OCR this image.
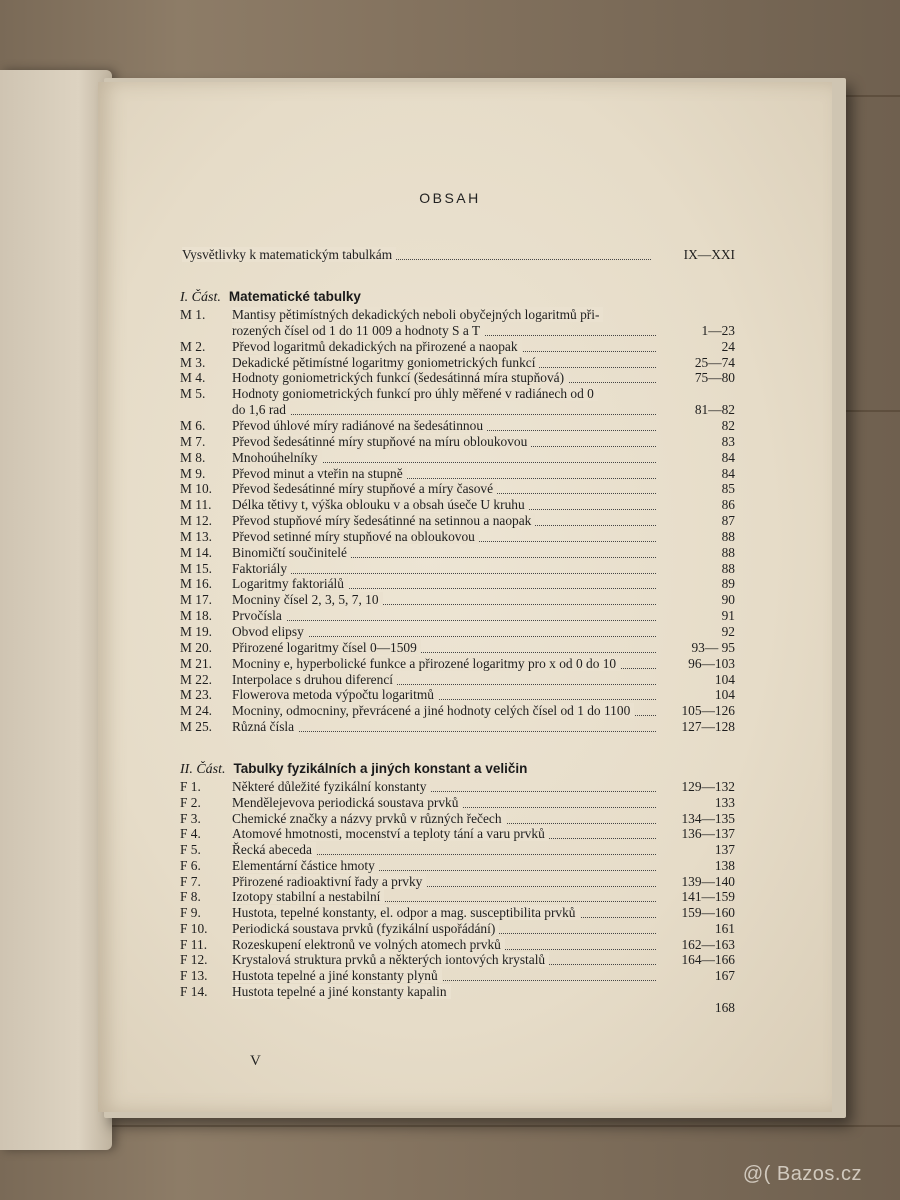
OBSAH
Vysvětlivky k matematickým tabulkám	IX—XXI
I. Část. Matematické tabulky
M 1.	Mantisy pětimístných dekadických neboli obyčejných logaritmů při-
rozených čísel od 1 do 11 009 a hodnoty S a T	1—23
M 2.	Převod logaritmů dekadických na přirozené a naopak	24
M 3.	Dekadické pětimístné logaritmy goniometrických funkcí	25—74
M 4.	Hodnoty goniometrických funkcí (šedesátinná míra stupňová)	75—80
M 5.	Hodnoty goniometrických funkcí pro úhly měřené v radiánech od 0
do 1,6 rad	81—82
M 6.	Převod úhlové míry radiánové na šedesátinnou	82
M 7.	Převod šedesátinné míry stupňové na míru obloukovou	83
M 8.	Mnohoúhelníky	84
M 9.	Převod minut a vteřin na stupně	84
M 10.	Převod šedesátinné míry stupňové a míry časové	85
M 11.	Délka tětivy t, výška oblouku v a obsah úseče U kruhu	86
M 12.	Převod stupňové míry šedesátinné na setinnou a naopak	87
M 13.	Převod setinné míry stupňové na obloukovou	88
M 14.	Binomičtí součinitelé	88
M 15.	Faktoriály	88
M 16.	Logaritmy faktoriálů	89
M 17.	Mocniny čísel 2, 3, 5, 7, 10	90
M 18.	Prvočísla	91
M 19.	Obvod elipsy	92
M 20.	Přirozené logaritmy čísel 0—1509	93— 95
M 21.	Mocniny e, hyperbolické funkce a přirozené logaritmy pro x od 0 do 10	96—103
M 22.	Interpolace s druhou diferencí	104
M 23.	Flowerova metoda výpočtu logaritmů	104
M 24.	Mocniny, odmocniny, převrácené a jiné hodnoty celých čísel od 1 do 1100	105—126
M 25.	Různá čísla	127—128
II. Část. Tabulky fyzikálních a jiných konstant a veličin
F 1.	Některé důležité fyzikální konstanty	129—132
F 2.	Mendělejevova periodická soustava prvků	133
F 3.	Chemické značky a názvy prvků v různých řečech	134—135
F 4.	Atomové hmotnosti, mocenství a teploty tání a varu prvků	136—137
F 5.	Řecká abeceda	137
F 6.	Elementární částice hmoty	138
F 7.	Přirozené radioaktivní řady a prvky	139—140
F 8.	Izotopy stabilní a nestabilní	141—159
F 9.	Hustota, tepelné konstanty, el. odpor a mag. susceptibilita prvků	159—160
F 10.	Periodická soustava prvků (fyzikální uspořádání)	161
F 11.	Rozeskupení elektronů ve volných atomech prvků	162—163
F 12.	Krystalová struktura prvků a některých iontových krystalů	164—166
F 13.	Hustota tepelné a jiné konstanty plynů	167
F 14.	Hustota tepelné a jiné konstanty kapalin
168
V
@( Bazos.cz
